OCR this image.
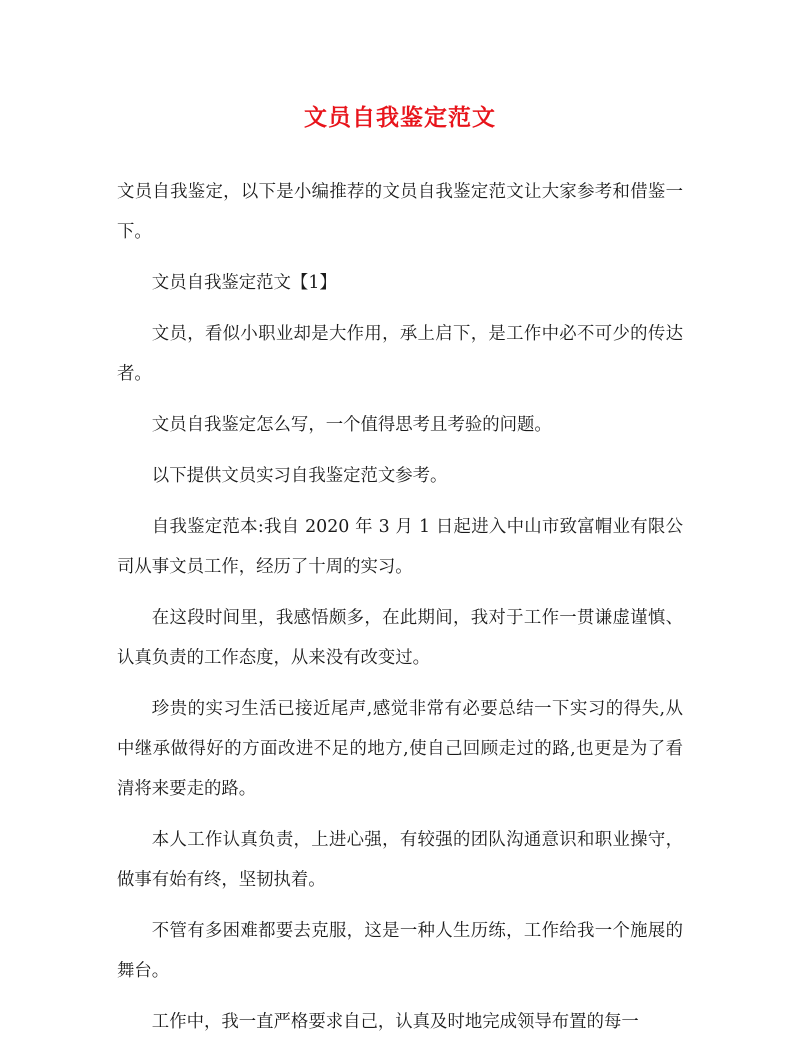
文员自我鉴定范文

文员自我鉴定，以下是小编推荐的文员自我鉴定范文让大家参考和借鉴一下。

文员自我鉴定范文【1】

文员，看似小职业却是大作用，承上启下，是工作中必不可少的传达者。

文员自我鉴定怎么写，一个值得思考且考验的问题。

以下提供文员实习自我鉴定范文参考。

自我鉴定范本:我自 2020 年 3 月 1 日起进入中山市致富帽业有限公司从事文员工作，经历了十周的实习。

在这段时间里，我感悟颇多，在此期间，我对于工作一贯谦虚谨慎、认真负责的工作态度，从来没有改变过。

珍贵的实习生活已接近尾声,感觉非常有必要总结一下实习的得失,从中继承做得好的方面改进不足的地方,使自己回顾走过的路,也更是为了看清将来要走的路。

本人工作认真负责，上进心强，有较强的团队沟通意识和职业操守，做事有始有终，坚韧执着。

不管有多困难都要去克服，这是一种人生历练，工作给我一个施展的舞台。

工作中，我一直严格要求自己，认真及时地完成领导布置的每一
